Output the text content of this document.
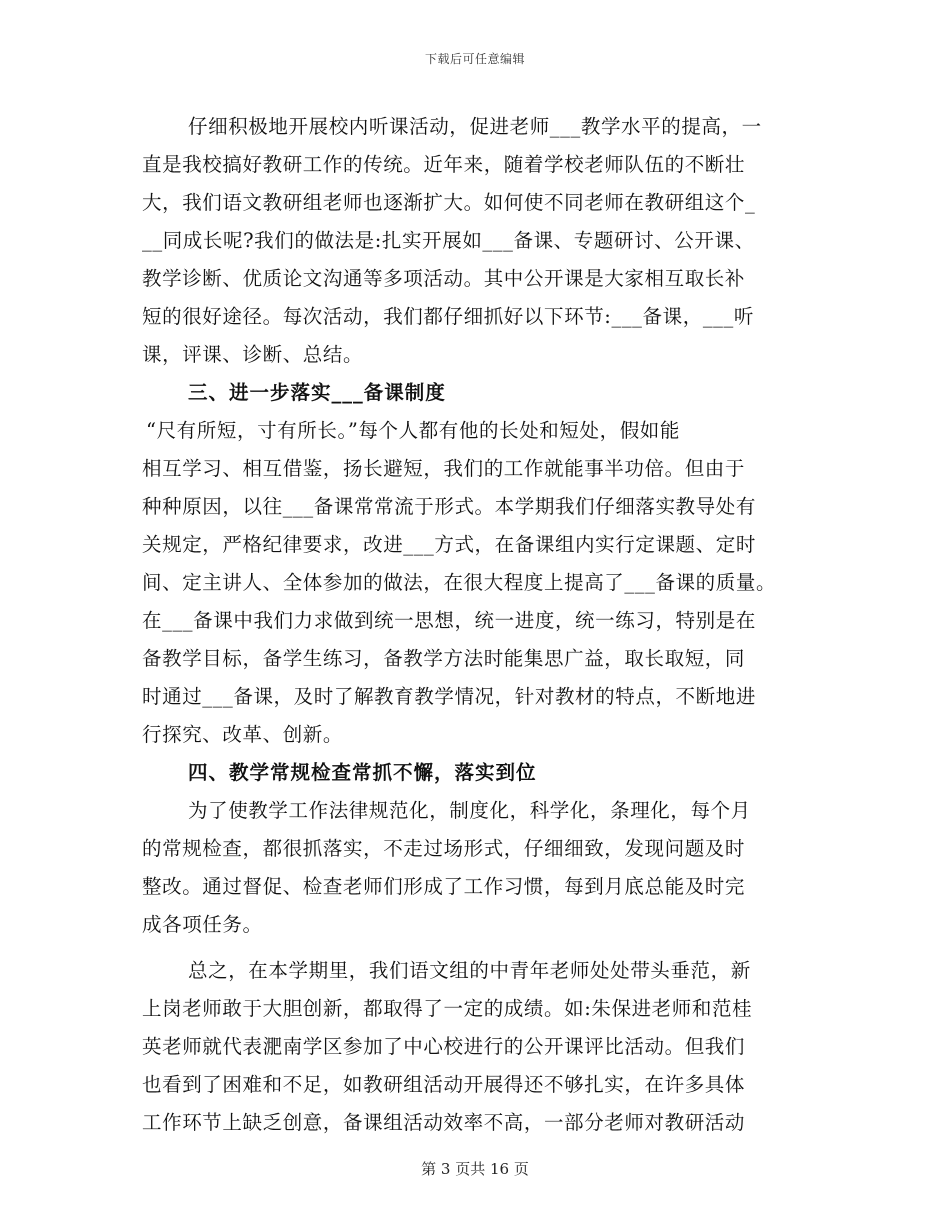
下载后可任意编辑
仔细积极地开展校内听课活动，促进老师___教学水平的提高，一
直是我校搞好教研工作的传统。近年来，随着学校老师队伍的不断壮
大，我们语文教研组老师也逐渐扩大。如何使不同老师在教研组这个_
__同成长呢?我们的做法是:扎实开展如___备课、专题研讨、公开课、
教学诊断、优质论文沟通等多项活动。其中公开课是大家相互取长补
短的很好途径。每次活动，我们都仔细抓好以下环节:___备课，___听
课，评课、诊断、总结。
三、进一步落实___备课制度
“尺有所短，寸有所长。”每个人都有他的长处和短处，假如能
相互学习、相互借鉴，扬长避短，我们的工作就能事半功倍。但由于
种种原因，以往___备课常常流于形式。本学期我们仔细落实教导处有
关规定，严格纪律要求，改进___方式，在备课组内实行定课题、定时
间、定主讲人、全体参加的做法，在很大程度上提高了___备课的质量。
在___备课中我们力求做到统一思想，统一进度，统一练习，特别是在
备教学目标，备学生练习，备教学方法时能集思广益，取长取短，同
时通过___备课，及时了解教育教学情况，针对教材的特点，不断地进
行探究、改革、创新。
四、教学常规检查常抓不懈，落实到位
为了使教学工作法律规范化，制度化，科学化，条理化，每个月
的常规检查，都很抓落实，不走过场形式，仔细细致，发现问题及时
整改。通过督促、检查老师们形成了工作习惯，每到月底总能及时完
成各项任务。
总之，在本学期里，我们语文组的中青年老师处处带头垂范，新
上岗老师敢于大胆创新，都取得了一定的成绩。如:朱保进老师和范桂
英老师就代表淝南学区参加了中心校进行的公开课评比活动。但我们
也看到了困难和不足，如教研组活动开展得还不够扎实，在许多具体
工作环节上缺乏创意，备课组活动效率不高，一部分老师对教研活动
第 3 页共 16 页
